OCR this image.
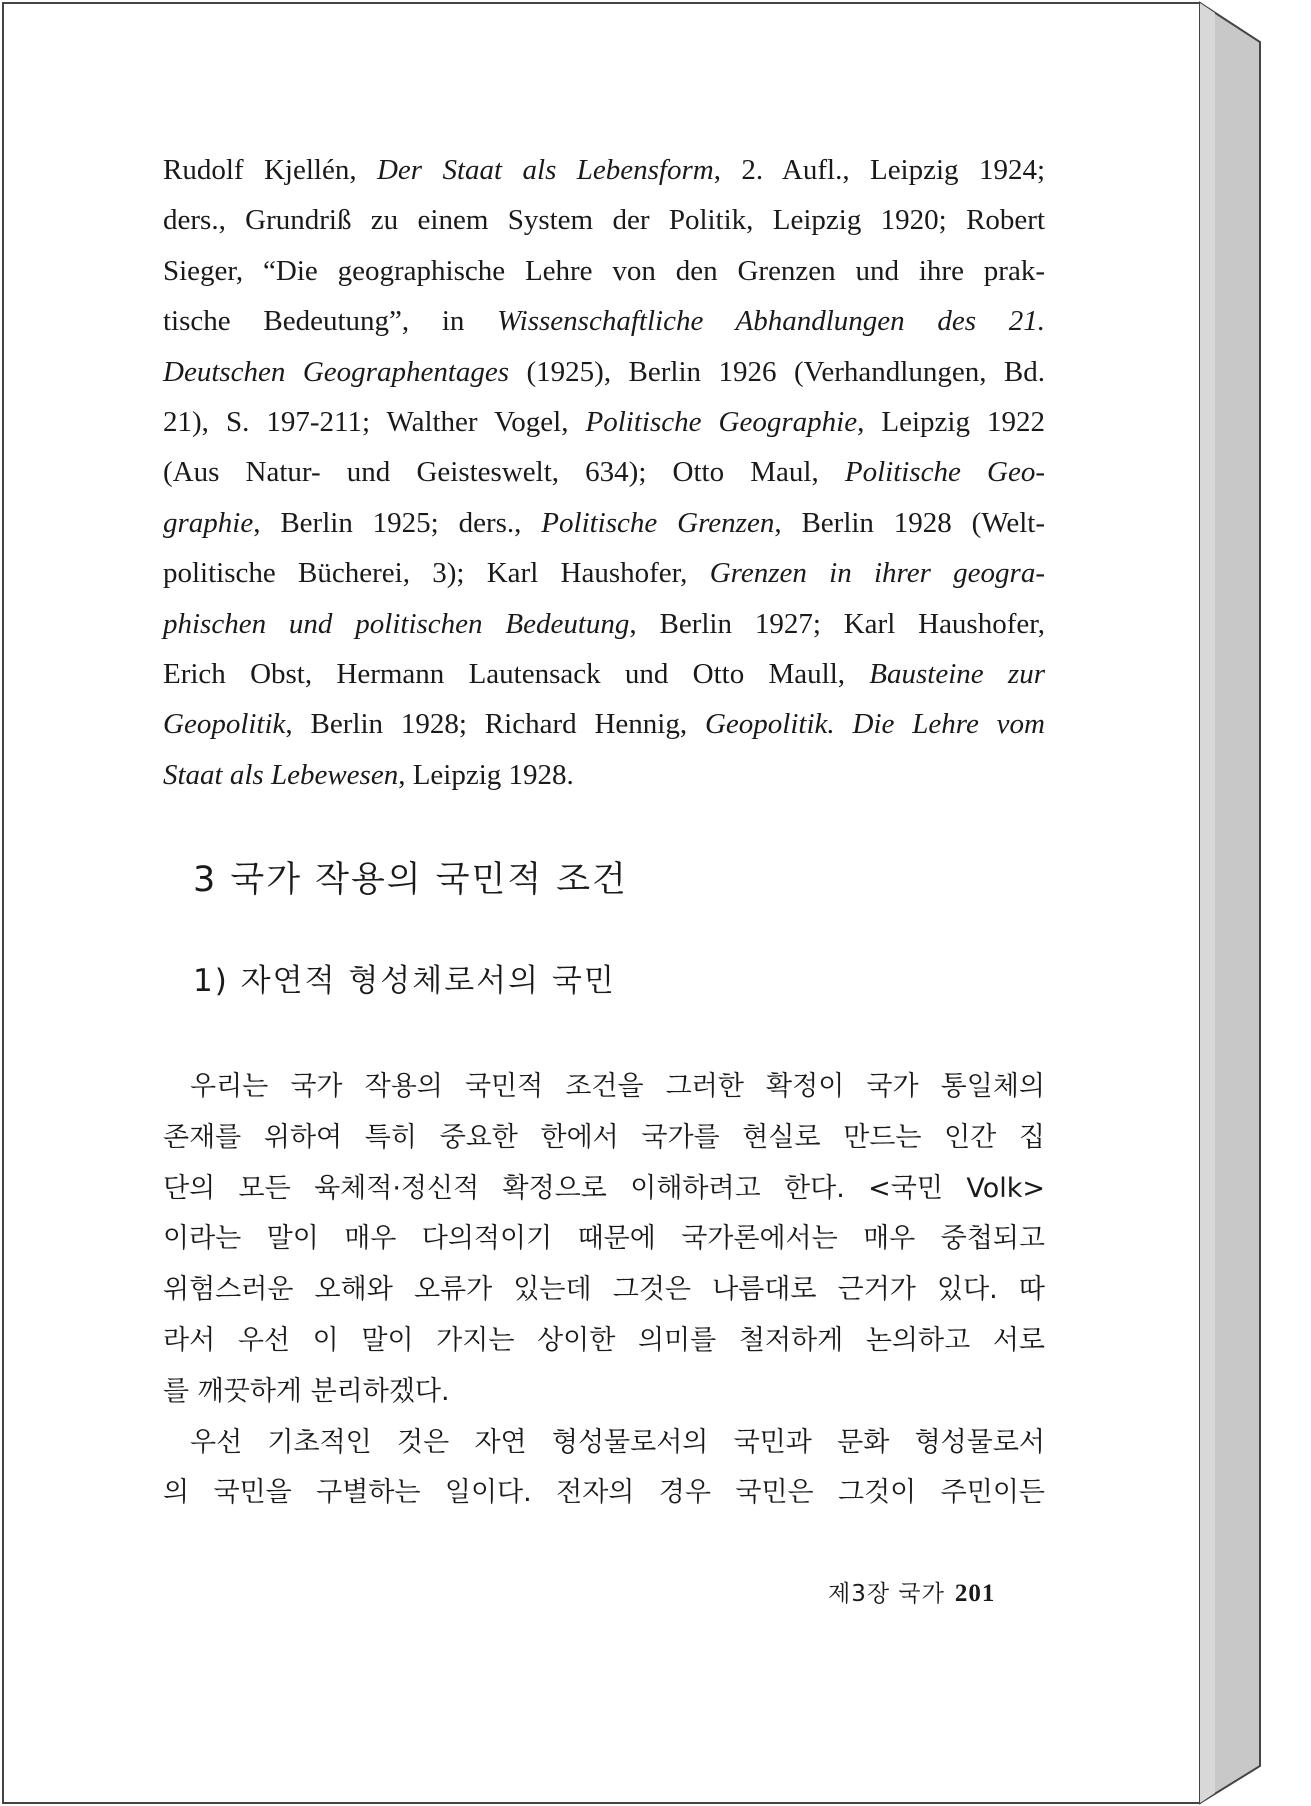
Rudolf Kjellén, Der Staat als Lebensform, 2. Aufl., Leipzig 1924;
ders., Grundriß zu einem System der Politik, Leipzig 1920; Robert
Sieger, “Die geographische Lehre von den Grenzen und ihre prak-
tische Bedeutung”, in Wissenschaftliche Abhandlungen des 21.
Deutschen Geographentages (1925), Berlin 1926 (Verhandlungen, Bd.
21), S. 197-211; Walther Vogel, Politische Geographie, Leipzig 1922
(Aus Natur- und Geisteswelt, 634); Otto Maul, Politische Geo-
graphie, Berlin 1925; ders., Politische Grenzen, Berlin 1928 (Welt-
politische Bücherei, 3); Karl Haushofer, Grenzen in ihrer geogra-
phischen und politischen Bedeutung, Berlin 1927; Karl Haushofer,
Erich Obst, Hermann Lautensack und Otto Maull, Bausteine zur
Geopolitik, Berlin 1928; Richard Hennig, Geopolitik. Die Lehre vom
Staat als Lebewesen, Leipzig 1928.
3 국가 작용의 국민적 조건
1) 자연적 형성체로서의 국민
우리는 국가 작용의 국민적 조건을 그러한 확정이 국가 통일체의
존재를 위하여 특히 중요한 한에서 국가를 현실로 만드는 인간 집
단의 모든 육체적·정신적 확정으로 이해하려고 한다. <국민 Volk>
이라는 말이 매우 다의적이기 때문에 국가론에서는 매우 중첩되고
위험스러운 오해와 오류가 있는데 그것은 나름대로 근거가 있다. 따
라서 우선 이 말이 가지는 상이한 의미를 철저하게 논의하고 서로
를 깨끗하게 분리하겠다.
우선 기초적인 것은 자연 형성물로서의 국민과 문화 형성물로서
의 국민을 구별하는 일이다. 전자의 경우 국민은 그것이 주민이든
제3장 국가 201
